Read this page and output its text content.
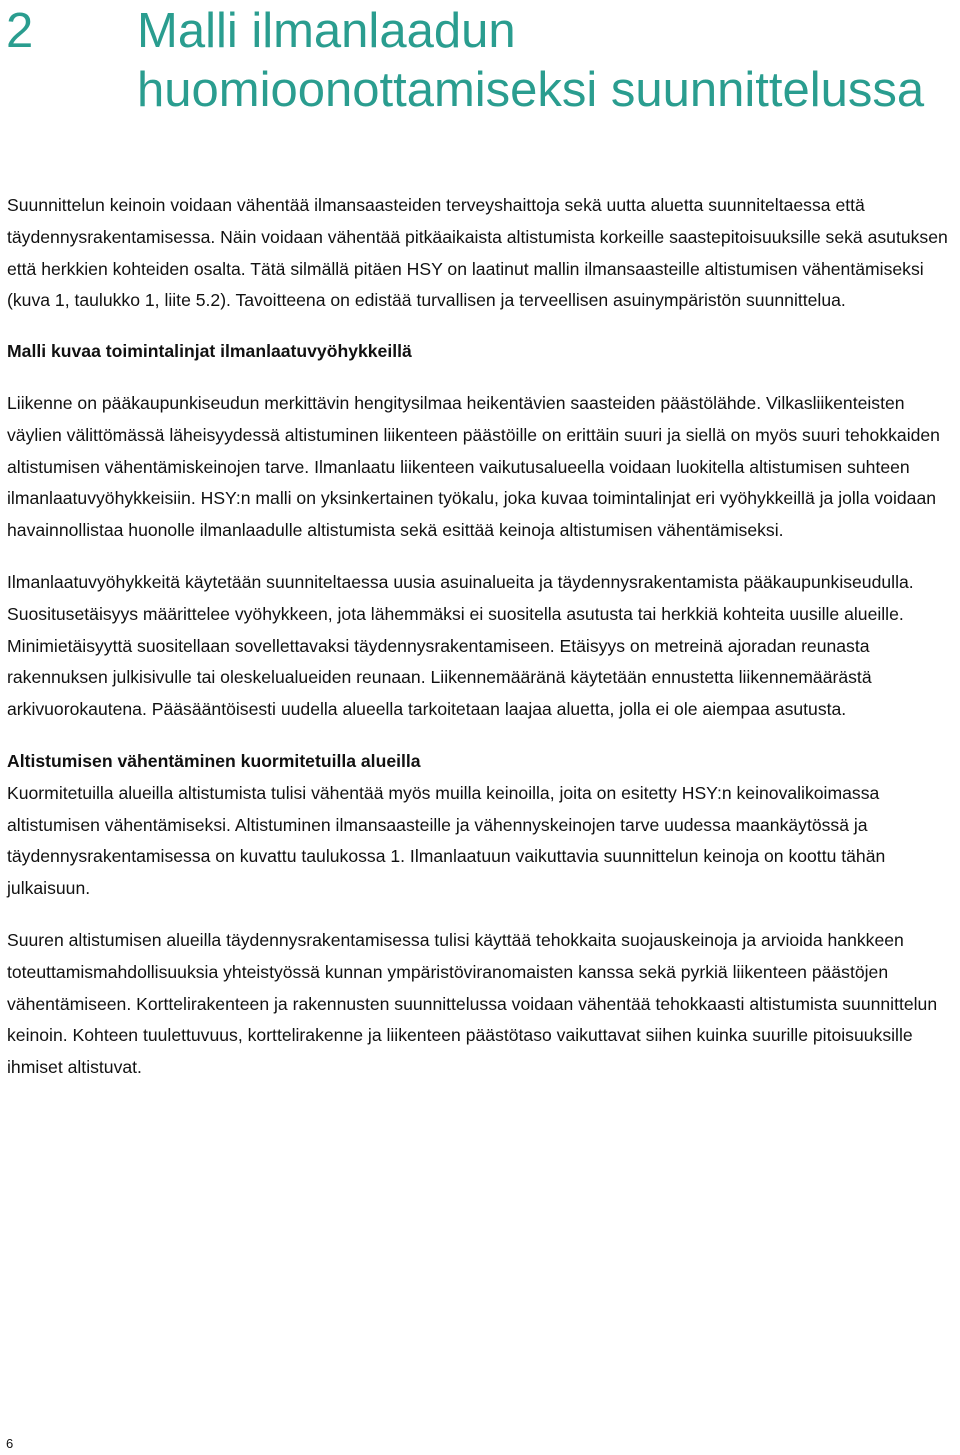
2 Malli ilmanlaadun huomioonottamiseksi suunnittelussa

Suunnittelun keinoin voidaan vähentää ilmansaasteiden terveyshaittoja sekä uutta aluetta suunniteltaessa että täydennysrakentamisessa. Näin voidaan vähentää pitkäaikaista altistumista korkeille saastepitoisuuksille sekä asutuksen että herkkien kohteiden osalta. Tätä silmällä pitäen HSY on laatinut mallin ilmansaasteille altistumisen vähentämiseksi (kuva 1, taulukko 1, liite 5.2). Tavoitteena on edistää turvallisen ja terveellisen asuinympäristön suunnittelua.

Malli kuvaa toimintalinjat ilmanlaatuvyöhykkeillä

Liikenne on pääkaupunkiseudun merkittävin hengitysilmaa heikentävien saasteiden päästölähde. Vilkasliikenteisten väylien välittömässä läheisyydessä altistuminen liikenteen päästöille on erittäin suuri ja siellä on myös suuri tehokkaiden altistumisen vähentämiskeinojen tarve. Ilmanlaatu liikenteen vaikutusalueella voidaan luokitella altistumisen suhteen ilmanlaatuvyöhykkeisiin. HSY:n malli on yksinkertainen työkalu, joka kuvaa toimintalinjat eri vyöhykkeillä ja jolla voidaan havainnollistaa huonolle ilmanlaadulle altistumista sekä esittää keinoja altistumisen vähentämiseksi.

Ilmanlaatuvyöhykkeitä käytetään suunniteltaessa uusia asuinalueita ja täydennysrakentamista pääkaupunkiseudulla. Suositusetäisyys määrittelee vyöhykkeen, jota lähemmäksi ei suositella asutusta tai herkkiä kohteita uusille alueille. Minimietäisyyttä suositellaan sovellettavaksi täydennysrakentamiseen. Etäisyys on metreinä ajoradan reunasta rakennuksen julkisivulle tai oleskelualueiden reunaan. Liikennemääränä käytetään ennustetta liikennemäärästä arkivuorokautena. Pääsääntöisesti uudella alueella tarkoitetaan laajaa aluetta, jolla ei ole aiempaa asutusta.

Altistumisen vähentäminen kuormitetuilla alueilla

Kuormitetuilla alueilla altistumista tulisi vähentää myös muilla keinoilla, joita on esitetty HSY:n keinovalikoimassa altistumisen vähentämiseksi. Altistuminen ilmansaasteille ja vähennyskeinojen tarve uudessa maankäytössä ja täydennysrakentamisessa on kuvattu taulukossa 1. Ilmanlaatuun vaikuttavia suunnittelun keinoja on koottu tähän julkaisuun.

Suuren altistumisen alueilla täydennysrakentamisessa tulisi käyttää tehokkaita suojauskeinoja ja arvioida hankkeen toteuttamismahdollisuuksia yhteistyössä kunnan ympäristöviranomaisten kanssa sekä pyrkiä liikenteen päästöjen vähentämiseen. Korttelirakenteen ja rakennusten suunnittelussa voidaan vähentää tehokkaasti altistumista suunnittelun keinoin. Kohteen tuulettuvuus, korttelirakenne ja liikenteen päästötaso vaikuttavat siihen kuinka suurille pitoisuuksille ihmiset altistuvat.

6
